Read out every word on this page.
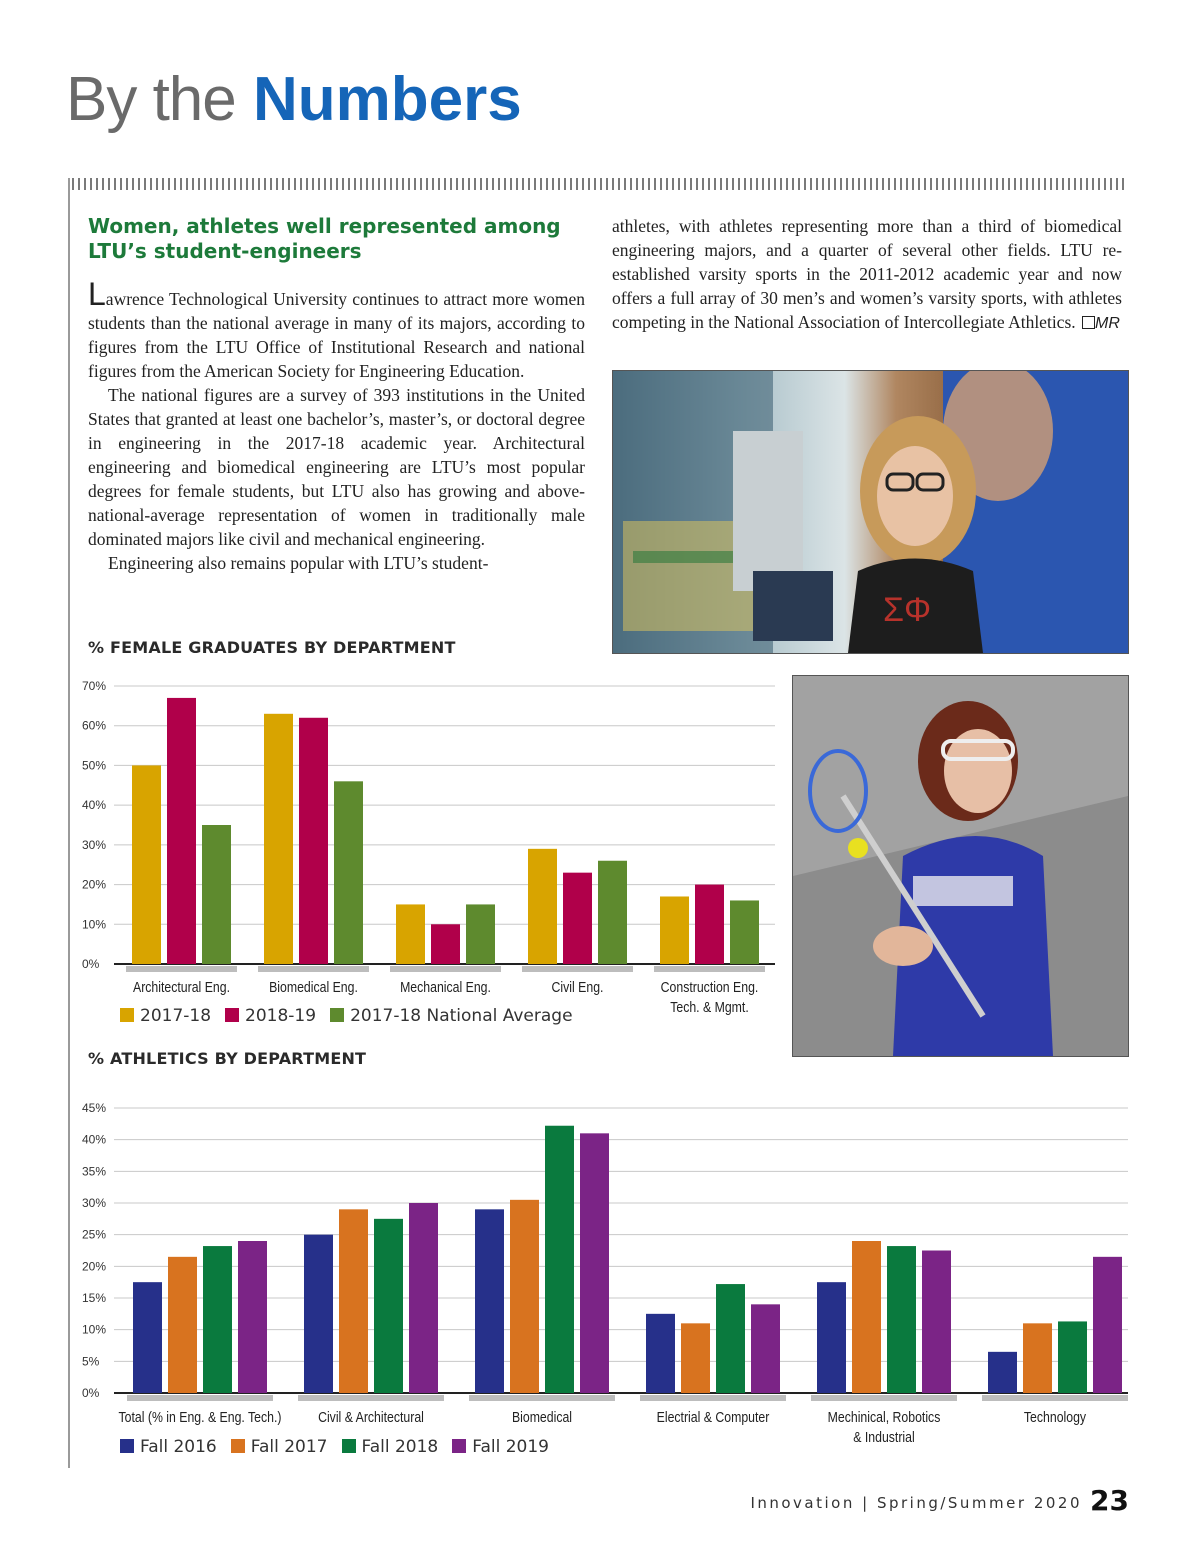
By the Numbers
Women, athletes well represented among LTU’s student-engineers

Lawrence Technological University continues to attract more women students than the national average in many of its majors, according to figures from the LTU Office of Institutional Research and national figures from the American Society for Engineering Education.

The national figures are a survey of 393 institutions in the United States that granted at least one bachelor’s, master’s, or doctoral degree in engineering in the 2017-18 academic year. Architectural engineering and biomedical engineering are LTU’s most popular degrees for female students, but LTU also has growing and above-national-average representation of women in traditionally male dominated majors like civil and mechanical engineering.

Engineering also remains popular with LTU’s student-

athletes, with athletes representing more than a third of biomedical engineering majors, and a quarter of several other fields. LTU re-established varsity sports in the 2011-2012 academic year and now offers a full array of 30 men’s and women’s varsity sports, with athletes competing in the National Association of Intercollegiate Athletics. MR

ΣΦ
% FEMALE GRADUATES BY DEPARTMENT
0%
10%
20%
30%
40%
50%
60%
70%
Architectural Eng.	Biomedical Eng.	Mechanical Eng.	Civil Eng.	Construction Eng.
Tech. & Mgmt.
2017-18 2018-19 2017-18 National Average
% ATHLETICS BY DEPARTMENT
0%
5%
10%
15%
20%
25%
30%
35%
40%
45%
Total (% in Eng. & Eng. Tech.) Civil & Architectural	Biomedical	Electrial & Computer	Mechinical, Robotics
& Industrial
Technology
Fall 2016 Fall 2017 Fall 2018 Fall 2019
Innovation | Spring/Summer 2020 23
